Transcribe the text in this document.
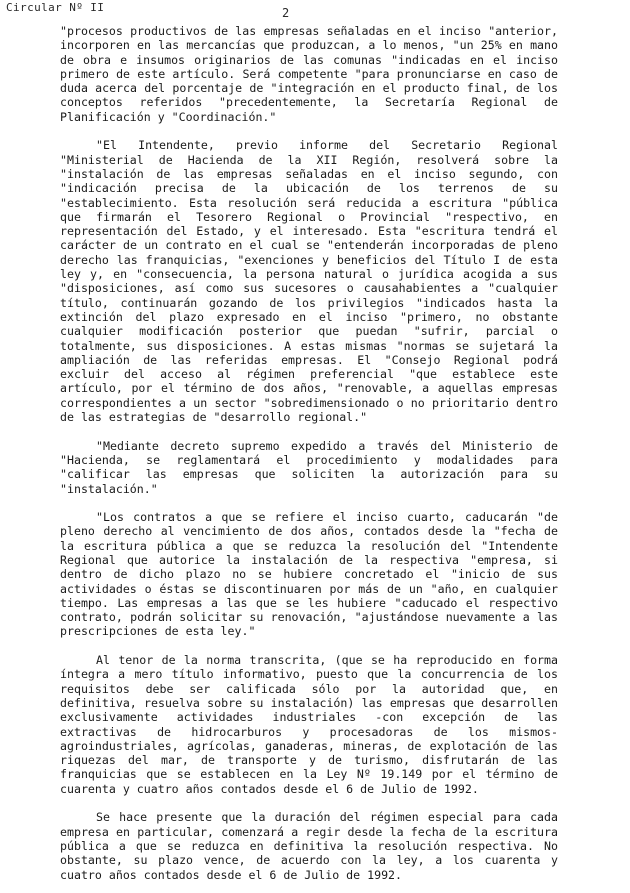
Circular Nº II	2

"procesos productivos de las empresas señaladas en el inciso "anterior, incorporen en las mercancías que produzcan, a lo menos, "un 25% en mano de obra e insumos originarios de las comunas "indicadas en el inciso primero de este artículo. Será competente "para pronunciarse en caso de duda acerca del porcentaje de "integración en el producto final, de los conceptos referidos "precedentemente, la Secretaría Regional de Planificación y "Coordinación."

"El Intendente, previo informe del Secretario Regional "Ministerial de Hacienda de la XII Región, resolverá sobre la "instalación de las empresas señaladas en el inciso segundo, con "indicación precisa de la ubicación de los terrenos de su "establecimiento. Esta resolución será reducida a escritura "pública que firmarán el Tesorero Regional o Provincial "respectivo, en representación del Estado, y el interesado. Esta "escritura tendrá el carácter de un contrato en el cual se "entenderán incorporadas de pleno derecho las franquicias, "exenciones y beneficios del Título I de esta ley y, en "consecuencia, la persona natural o jurídica acogida a sus "disposiciones, así como sus sucesores o causahabientes a "cualquier título, continuarán gozando de los privilegios "indicados hasta la extinción del plazo expresado en el inciso "primero, no obstante cualquier modificación posterior que puedan "sufrir, parcial o totalmente, sus disposiciones. A estas mismas "normas se sujetará la ampliación de las referidas empresas. El "Consejo Regional podrá excluir del acceso al régimen preferencial "que establece este artículo, por el término de dos años, "renovable, a aquellas empresas correspondientes a un sector "sobredimensionado o no prioritario dentro de las estrategias de "desarrollo regional."

"Mediante decreto supremo expedido a través del Ministerio de "Hacienda, se reglamentará el procedimiento y modalidades para "calificar las empresas que soliciten la autorización para su "instalación."

"Los contratos a que se refiere el inciso cuarto, caducarán "de pleno derecho al vencimiento de dos años, contados desde la "fecha de la escritura pública a que se reduzca la resolución del "Intendente Regional que autorice la instalación de la respectiva "empresa, si dentro de dicho plazo no se hubiere concretado el "inicio de sus actividades o éstas se discontinuaren por más de un "año, en cualquier tiempo. Las empresas a las que se les hubiere "caducado el respectivo contrato, podrán solicitar su renovación, "ajustándose nuevamente a las prescripciones de esta ley."

Al tenor de la norma transcrita, (que se ha reproducido en forma íntegra a mero título informativo, puesto que la concurrencia de los requisitos debe ser calificada sólo por la autoridad que, en definitiva, resuelva sobre su instalación) las empresas que desarrollen exclusivamente actividades industriales -con excepción de las extractivas de hidrocarburos y procesadoras de los mismos- agroindustriales, agrícolas, ganaderas, mineras, de explotación de las riquezas del mar, de transporte y de turismo, disfrutarán de las franquicias que se establecen en la Ley Nº 19.149 por el término de cuarenta y cuatro años contados desde el 6 de Julio de 1992.

Se hace presente que la duración del régimen especial para cada empresa en particular, comenzará a regir desde la fecha de la escritura pública a que se reduzca en definitiva la resolución respectiva. No obstante, su plazo vence, de acuerdo con la ley, a los cuarenta y cuatro años contados desde el 6 de Julio de 1992.
